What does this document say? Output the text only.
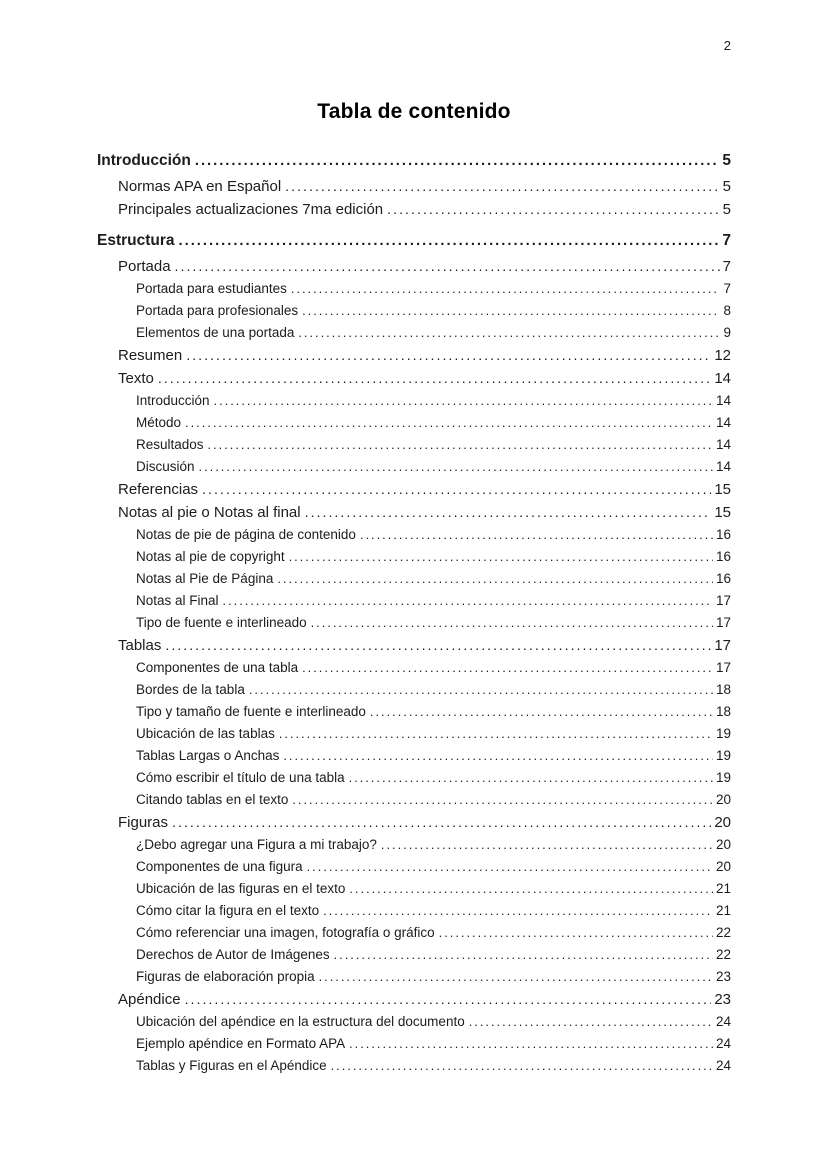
2
Tabla de contenido
Introducción .....	5
Normas APA en Español .....	5
Principales actualizaciones 7ma edición .....	5
Estructura .....	7
Portada .....	7
Portada para estudiantes .....	7
Portada para profesionales .....	8
Elementos de una portada .....	9
Resumen .....	12
Texto .....	14
Introducción .....	14
Método .....	14
Resultados .....	14
Discusión .....	14
Referencias .....	15
Notas al pie o Notas al final .....	15
Notas de pie de página de contenido .....	16
Notas al pie de copyright .....	16
Notas al Pie de Página .....	16
Notas al Final .....	17
Tipo de fuente e interlineado .....	17
Tablas .....	17
Componentes de una tabla .....	17
Bordes de la tabla .....	18
Tipo y tamaño de fuente e interlineado .....	18
Ubicación de las tablas .....	19
Tablas Largas o Anchas .....	19
Cómo escribir el título de una tabla .....	19
Citando tablas en el texto .....	20
Figuras .....	20
¿Debo agregar una Figura a mi trabajo? .....	20
Componentes de una figura .....	20
Ubicación de las figuras en el texto .....	21
Cómo citar la figura en el texto .....	21
Cómo referenciar una imagen, fotografía o gráfico .....	22
Derechos de Autor de Imágenes .....	22
Figuras de elaboración propia .....	23
Apéndice .....	23
Ubicación del apéndice en la estructura del documento .....	24
Ejemplo apéndice en Formato APA .....	24
Tablas y Figuras en el Apéndice .....	24
